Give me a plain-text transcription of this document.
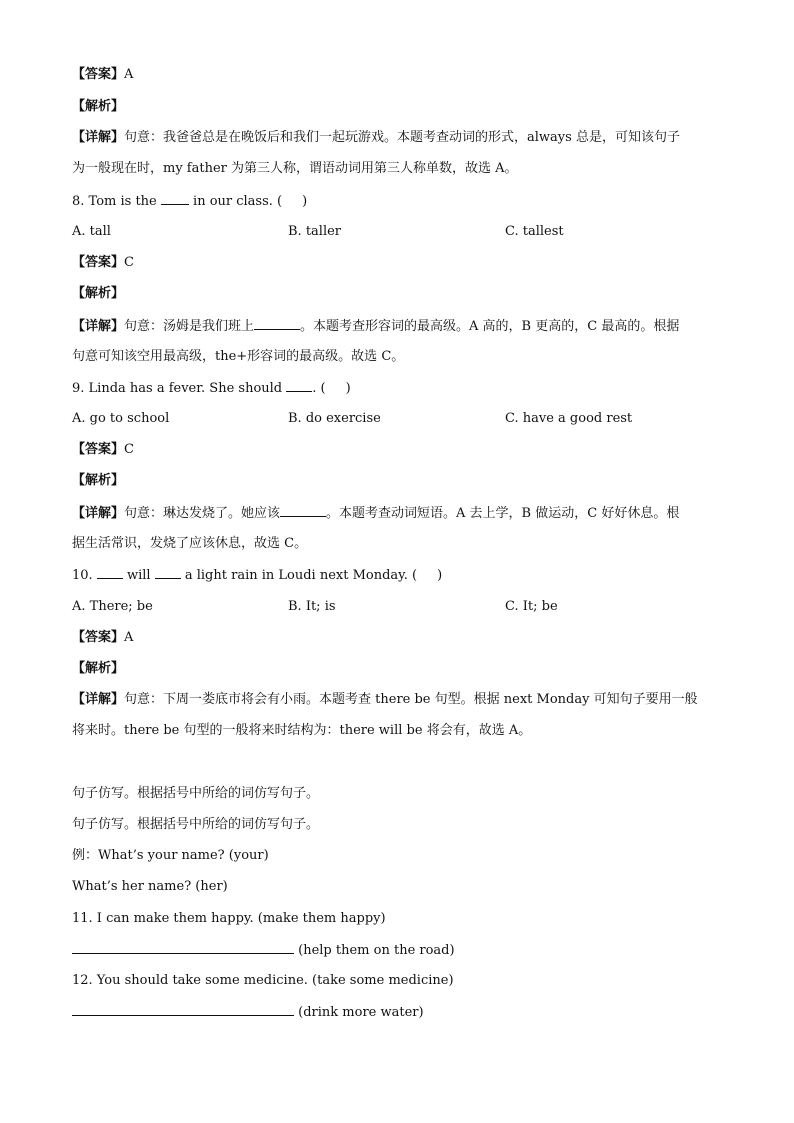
【答案】A
【解析】
【详解】句意：我爸爸总是在晚饭后和我们一起玩游戏。本题考查动词的形式，always 总是，可知该句子
为一般现在时，my father 为第三人称，谓语动词用第三人称单数，故选 A。
8. Tom is the	in our class. ( )
A. tall	B. taller	C. tallest
【答案】C
【解析】
【详解】句意：汤姆是我们班上	。本题考查形容词的最高级。A 高的，B 更高的，C 最高的。根据
句意可知该空用最高级，the+形容词的最高级。故选 C。
9. Linda has a fever. She should . ( )
A. go to school	B. do exercise	C. have a good rest
【答案】C
【解析】
【详解】句意：琳达发烧了。她应该	。本题考查动词短语。A 去上学，B 做运动，C 好好休息。根
据生活常识，发烧了应该休息，故选 C。
10.	will	a light rain in Loudi next Monday. ( )
A. There; be	B. It; is	C. It; be
【答案】A
【解析】
【详解】句意：下周一娄底市将会有小雨。本题考查 there be 句型。根据 next Monday 可知句子要用一般
将来时。there be 句型的一般将来时结构为：there will be 将会有，故选 A。
句子仿写。根据括号中所给的词仿写句子。
句子仿写。根据括号中所给的词仿写句子。
例：What’s your name? (your)
What’s her name? (her)
11. I can make them happy. (make them happy)
(help them on the road)
12. You should take some medicine. (take some medicine)
(drink more water)
